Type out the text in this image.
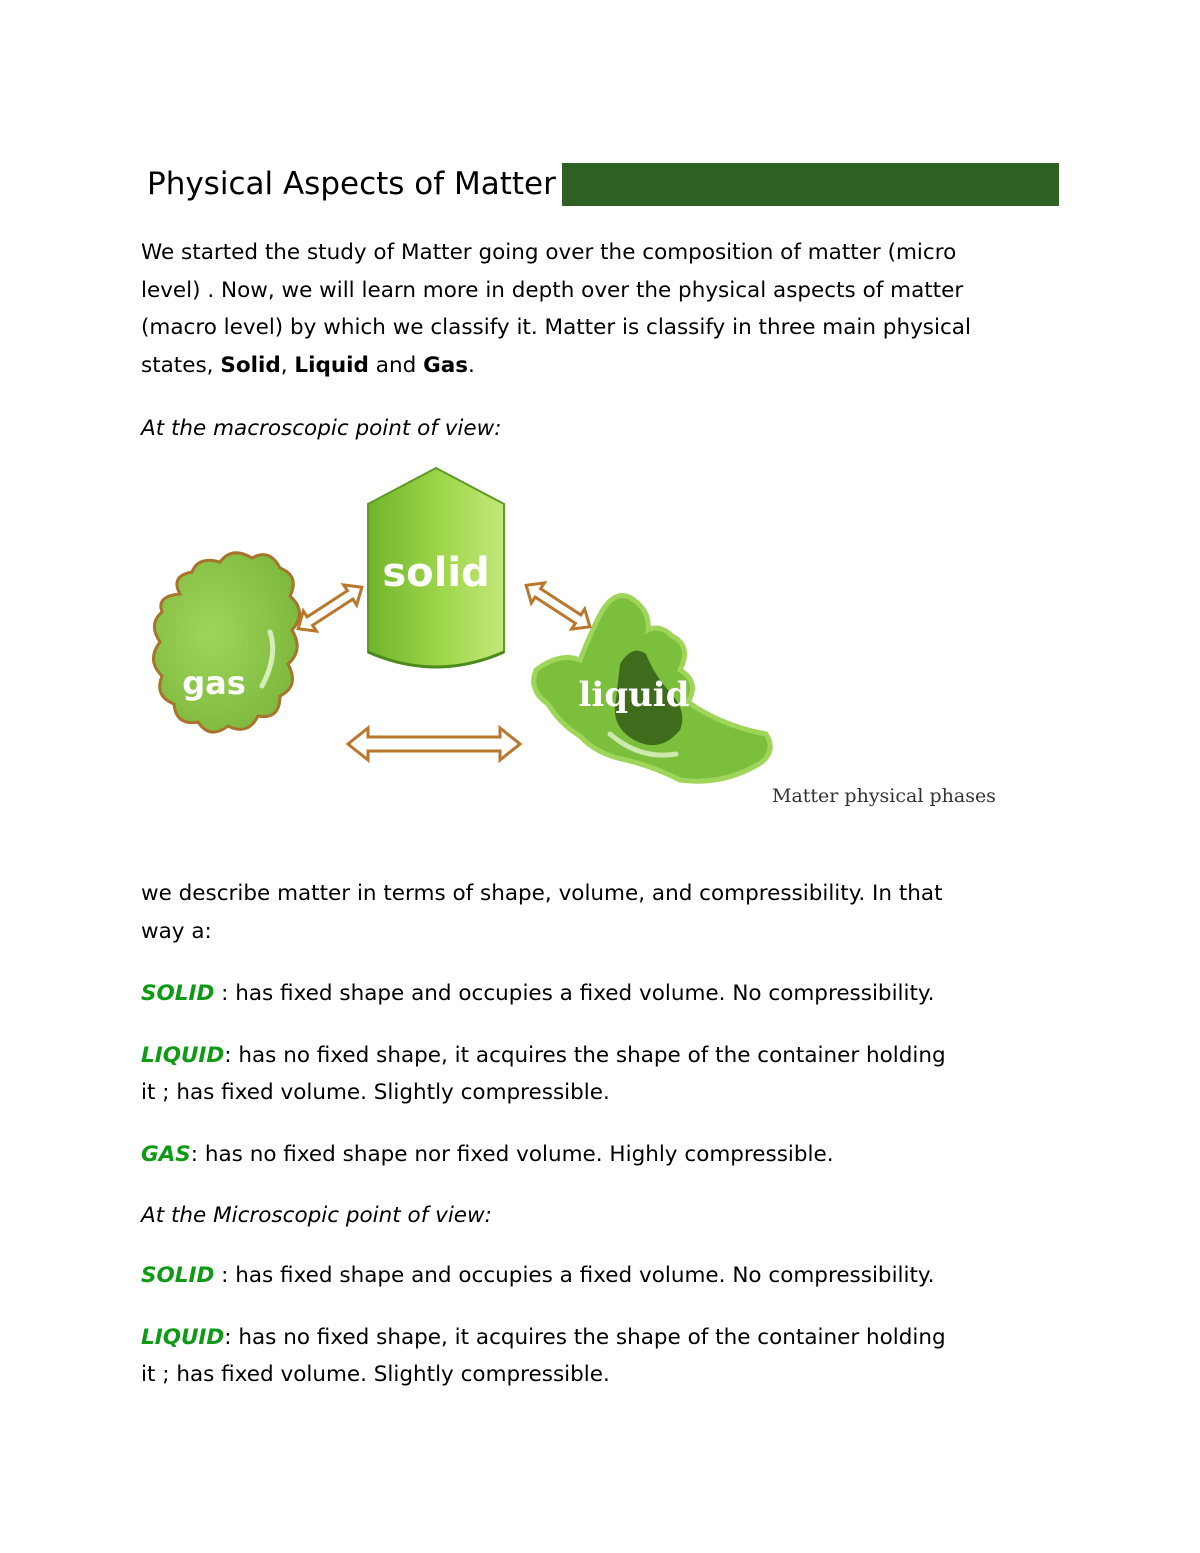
Physical Aspects of Matter
We started the study of Matter going over the composition of matter (micro
level) . Now, we will learn more in depth over the physical aspects of matter
(macro level) by which we classify it. Matter is classify in three main physical
states, Solid, Liquid and Gas.
At the macroscopic point of view:
solid
gas	liquid
Matter physical phases
we describe matter in terms of shape, volume, and compressibility. In that
way a:
SOLID : has fixed shape and occupies a fixed volume. No compressibility.
LIQUID: has no fixed shape, it acquires the shape of the container holding
it ; has fixed volume. Slightly compressible.
GAS: has no fixed shape nor fixed volume. Highly compressible.
At the Microscopic point of view:
SOLID : has fixed shape and occupies a fixed volume. No compressibility.
LIQUID: has no fixed shape, it acquires the shape of the container holding
it ; has fixed volume. Slightly compressible.
